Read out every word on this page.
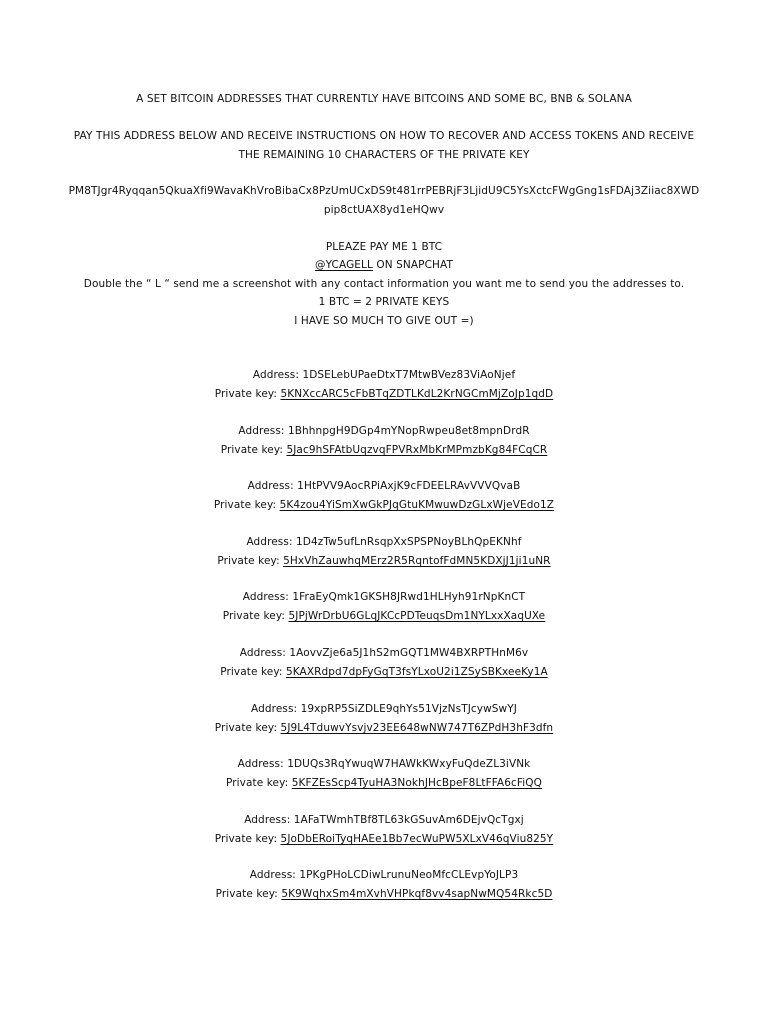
A SET BITCOIN ADDRESSES THAT CURRENTLY HAVE BITCOINS AND SOME BC, BNB & SOLANA
PAY THIS ADDRESS BELOW AND RECEIVE INSTRUCTIONS ON HOW TO RECOVER AND ACCESS TOKENS AND RECEIVE
THE REMAINING 10 CHARACTERS OF THE PRIVATE KEY
PM8TJgr4Ryqqan5QkuaXfi9WavaKhVroBibaCx8PzUmUCxDS9t481rrPEBRjF3LjidU9C5YsXctcFWgGng1sFDAj3Ziiac8XWD
pip8ctUAX8yd1eHQwv
PLEAZE PAY ME 1 BTC
@YCAGELL ON SNAPCHAT
Double the “ L “ send me a screenshot with any contact information you want me to send you the addresses to.
1 BTC = 2 PRIVATE KEYS
I HAVE SO MUCH TO GIVE OUT =)
Address: 1DSELebUPaeDtxT7MtwBVez83ViAoNjef
Private key: 5KNXccARC5cFbBTqZDTLKdL2KrNGCmMjZoJp1qdD
Address: 1BhhnpgH9DGp4mYNopRwpeu8et8mpnDrdR
Private key: 5Jac9hSFAtbUqzvqFPVRxMbKrMPmzbKg84FCqCR
Address: 1HtPVV9AocRPiAxjK9cFDEELRAvVVVQvaB
Private key: 5K4zou4YiSmXwGkPJqGtuKMwuwDzGLxWjeVEdo1Z
Address: 1D4zTw5ufLnRsqpXxSPSPNoyBLhQpEKNhf
Private key: 5HxVhZauwhqMErz2R5RqntofFdMN5KDXjJ1ji1uNR
Address: 1FraEyQmk1GKSH8JRwd1HLHyh91rNpKnCT
Private key: 5JPjWrDrbU6GLqJKCcPDTeuqsDm1NYLxxXaqUXe
Address: 1AovvZje6a5J1hS2mGQT1MW4BXRPTHnM6v
Private key: 5KAXRdpd7dpFyGqT3fsYLxoU2i1ZSySBKxeeKy1A
Address: 19xpRP5SiZDLE9qhYs51VjzNsTJcywSwYJ
Private key: 5J9L4TduwvYsvjv23EE648wNW747T6ZPdH3hF3dfn
Address: 1DUQs3RqYwuqW7HAWkKWxyFuQdeZL3iVNk
Private key: 5KFZEsScp4TyuHA3NokhJHcBpeF8LtFFA6cFiQQ
Address: 1AFaTWmhTBf8TL63kGSuvAm6DEjvQcTgxj
Private key: 5JoDbERoiTyqHAEe1Bb7ecWuPW5XLxV46qViu825Y
Address: 1PKgPHoLCDiwLrunuNeoMfcCLEvpYoJLP3
Private key: 5K9WqhxSm4mXvhVHPkqf8vv4sapNwMQ54Rkc5D
